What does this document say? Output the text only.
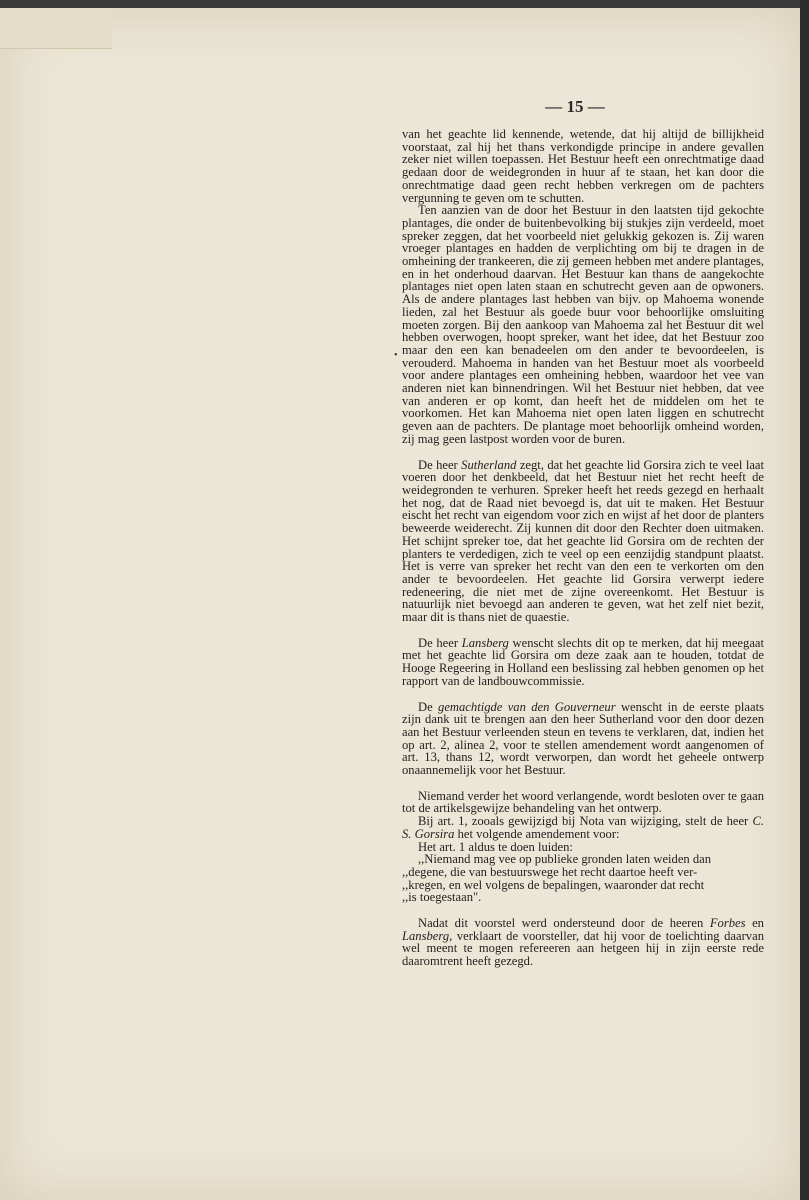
— 15 —
•

van het geachte lid kennende, wetende, dat hij altijd de billijkheid voorstaat, zal hij het thans verkondigde principe in andere gevallen zeker niet willen toepassen. Het Bestuur heeft een onrechtmatige daad gedaan door de weidegronden in huur af te staan, het kan door die onrechtmatige daad geen recht hebben verkregen om de pachters vergunning te geven om te schutten.

Ten aanzien van de door het Bestuur in den laatsten tijd gekochte plantages, die onder de buitenbevolking bij stukjes zijn verdeeld, moet spreker zeggen, dat het voorbeeld niet gelukkig gekozen is. Zij waren vroeger plantages en hadden de verplichting om bij te dragen in de omheining der trankeeren, die zij gemeen hebben met andere plantages, en in het onderhoud daarvan. Het Bestuur kan thans de aangekochte plantages niet open laten staan en schutrecht geven aan de opwoners. Als de andere plantages last hebben van bijv. op Mahoema wonende lieden, zal het Bestuur als goede buur voor behoorlijke omsluiting moeten zorgen. Bij den aankoop van Mahoema zal het Bestuur dit wel hebben overwogen, hoopt spreker, want het idee, dat het Bestuur zoo maar den een kan benadeelen om den ander te bevoordeelen, is verouderd. Mahoema in handen van het Bestuur moet als voorbeeld voor andere plantages een omheining hebben, waardoor het vee van anderen niet kan binnendringen. Wil het Bestuur niet hebben, dat vee van anderen er op komt, dan heeft het de middelen om het te voorkomen. Het kan Mahoema niet open laten liggen en schutrecht geven aan de pachters. De plantage moet behoorlijk omheind worden, zij mag geen lastpost worden voor de buren.

De heer Sutherland zegt, dat het geachte lid Gorsira zich te veel laat voeren door het denkbeeld, dat het Bestuur niet het recht heeft de weidegronden te verhuren. Spreker heeft het reeds gezegd en herhaalt het nog, dat de Raad niet bevoegd is, dat uit te maken. Het Bestuur eischt het recht van eigendom voor zich en wijst af het door de planters beweerde weiderecht. Zij kunnen dit door den Rechter doen uitmaken. Het schijnt spreker toe, dat het geachte lid Gorsira om de rechten der planters te verdedigen, zich te veel op een eenzijdig standpunt plaatst. Het is verre van spreker het recht van den een te verkorten om den ander te bevoordeelen. Het geachte lid Gorsira verwerpt iedere redeneering, die niet met de zijne overeenkomt. Het Bestuur is natuurlijk niet bevoegd aan anderen te geven, wat het zelf niet bezit, maar dit is thans niet de quaestie.

De heer Lansberg wenscht slechts dit op te merken, dat hij meegaat met het geachte lid Gorsira om deze zaak aan te houden, totdat de Hooge Regeering in Holland een beslissing zal hebben genomen op het rapport van de landbouwcommissie.

De gemachtigde van den Gouverneur wenscht in de eerste plaats zijn dank uit te brengen aan den heer Sutherland voor den door dezen aan het Bestuur verleenden steun en tevens te verklaren, dat, indien het op art. 2, alinea 2, voor te stellen amendement wordt aangenomen of art. 13, thans 12, wordt verworpen, dan wordt het geheele ontwerp onaannemelijk voor het Bestuur.

Niemand verder het woord verlangende, wordt besloten over te gaan tot de artikelsgewijze behandeling van het ontwerp.

Bij art. 1, zooals gewijzigd bij Nota van wijziging, stelt de heer C. S. Gorsira het volgende amendement voor:

Het art. 1 aldus te doen luiden:

,,Niemand mag vee op publieke gronden laten weiden dan
,,degene, die van bestuurswege het recht daartoe heeft ver-
,,kregen, en wel volgens de bepalingen, waaronder dat recht
,,is toegestaan".

Nadat dit voorstel werd ondersteund door de heeren Forbes en Lansberg, verklaart de voorsteller, dat hij voor de toelichting daarvan wel meent te mogen refereeren aan hetgeen hij in zijn eerste rede daaromtrent heeft gezegd.
